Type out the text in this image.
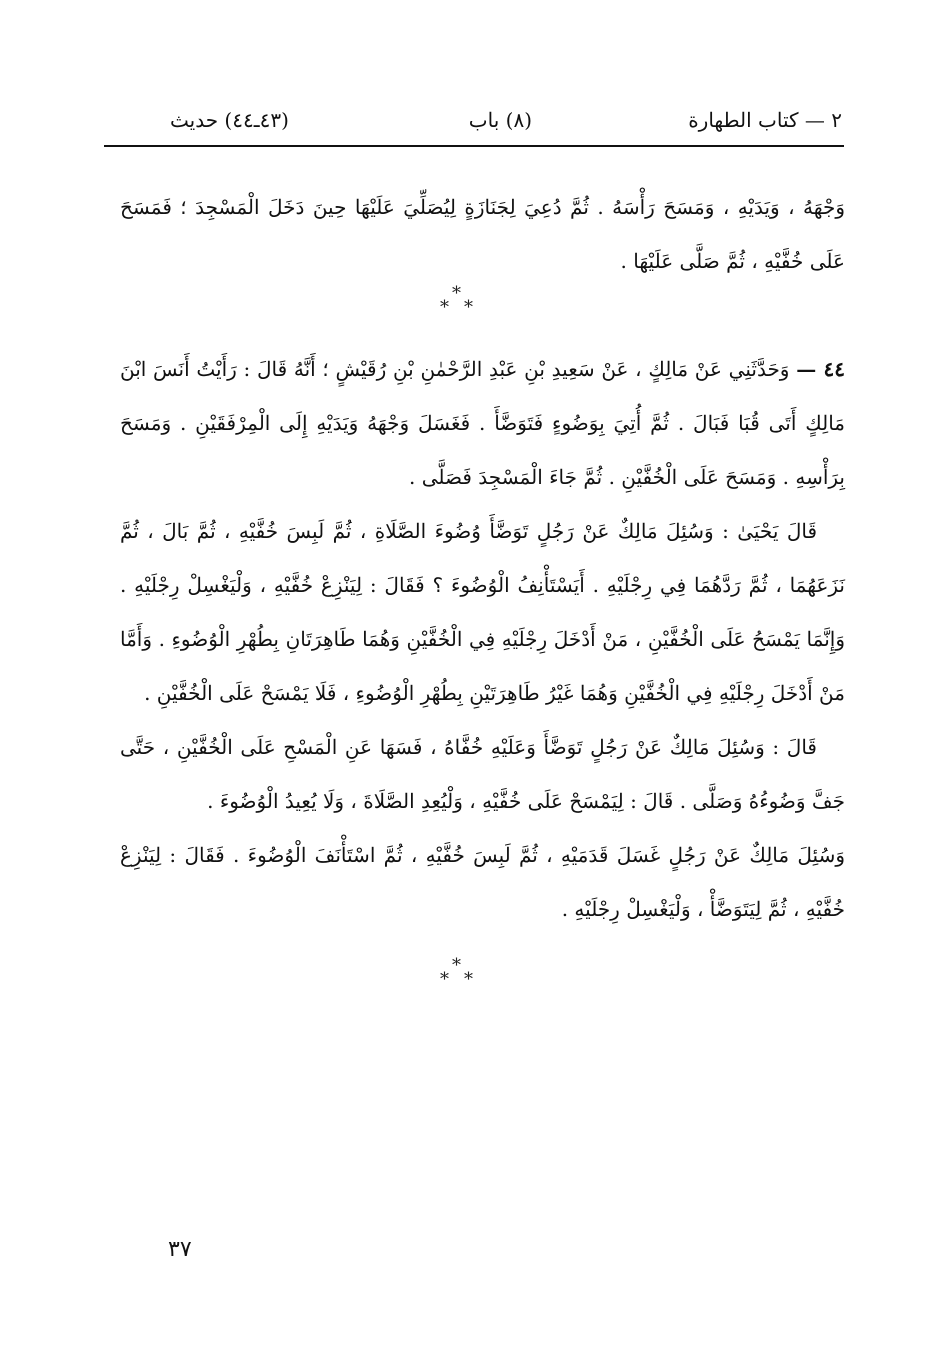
٢ — كتاب الطهارة
(٨) باب
(٤٣ـ٤٤) حديث

وَجْهَهُ ، وَيَدَيْهِ ، وَمَسَحَ رَأْسَهُ . ثُمَّ دُعِيَ لِجَنَازَةٍ لِيُصَلِّيَ عَلَيْهَا حِينَ دَخَلَ الْمَسْجِدَ ؛ فَمَسَحَ عَلَى خُفَّيْهِ ، ثُمَّ صَلَّى عَلَيْهَا .

٤٤ — وَحَدَّثَنِي عَنْ مَالِكٍ ، عَنْ سَعِيدِ بْنِ عَبْدِ الرَّحْمٰنِ بْنِ رُقَيْشٍ ؛ أَنَّهُ قَالَ : رَأَيْتُ أَنَسَ ابْنَ مَالِكٍ أَتَى قُبَا فَبَالَ . ثُمَّ أُتِيَ بِوَضُوءٍ فَتَوَضَّأَ . فَغَسَلَ وَجْهَهُ وَيَدَيْهِ إِلَى الْمِرْفَقَيْنِ . وَمَسَحَ بِرَأْسِهِ . وَمَسَحَ عَلَى الْخُفَّيْنِ . ثُمَّ جَاءَ الْمَسْجِدَ فَصَلَّى .

قَالَ يَحْيَىٰ : وَسُئِلَ مَالِكٌ عَنْ رَجُلٍ تَوَضَّأَ وُضُوءَ الصَّلَاةِ ، ثُمَّ لَبِسَ خُفَّيْهِ ، ثُمَّ بَالَ ، ثُمَّ نَزَعَهُمَا ، ثُمَّ رَدَّهُمَا فِي رِجْلَيْهِ . أَيَسْتَأْنِفُ الْوُضُوءَ ؟ فَقَالَ : لِيَنْزِعْ خُفَّيْهِ ، وَلْيَغْسِلْ رِجْلَيْهِ . وَإِنَّمَا يَمْسَحُ عَلَى الْخُفَّيْنِ ، مَنْ أَدْخَلَ رِجْلَيْهِ فِي الْخُفَّيْنِ وَهُمَا طَاهِرَتَانِ بِطُهْرِ الْوُضُوءِ . وَأَمَّا مَنْ أَدْخَلَ رِجْلَيْهِ فِي الْخُفَّيْنِ وَهُمَا غَيْرُ طَاهِرَتَيْنِ بِطُهْرِ الْوُضُوءِ ، فَلَا يَمْسَحْ عَلَى الْخُفَّيْنِ .

قَالَ : وَسُئِلَ مَالِكٌ عَنْ رَجُلٍ تَوَضَّأَ وَعَلَيْهِ خُفَّاهُ ، فَسَهَا عَنِ الْمَسْحِ عَلَى الْخُفَّيْنِ ، حَتَّى جَفَّ وَضُوءُهُ وَصَلَّى . قَالَ : لِيَمْسَحْ عَلَى خُفَّيْهِ ، وَلْيُعِدِ الصَّلَاةَ ، وَلَا يُعِيدُ الْوُضُوءَ .

وَسُئِلَ مَالِكٌ عَنْ رَجُلٍ غَسَلَ قَدَمَيْهِ ، ثُمَّ لَبِسَ خُفَّيْهِ ، ثُمَّ اسْتَأْنَفَ الْوُضُوءَ . فَقَالَ : لِيَنْزِعْ خُفَّيْهِ ، ثُمَّ لِيَتَوَضَّأْ ، وَلْيَغْسِلْ رِجْلَيْهِ .

*
* *
*
* *
٣٧
